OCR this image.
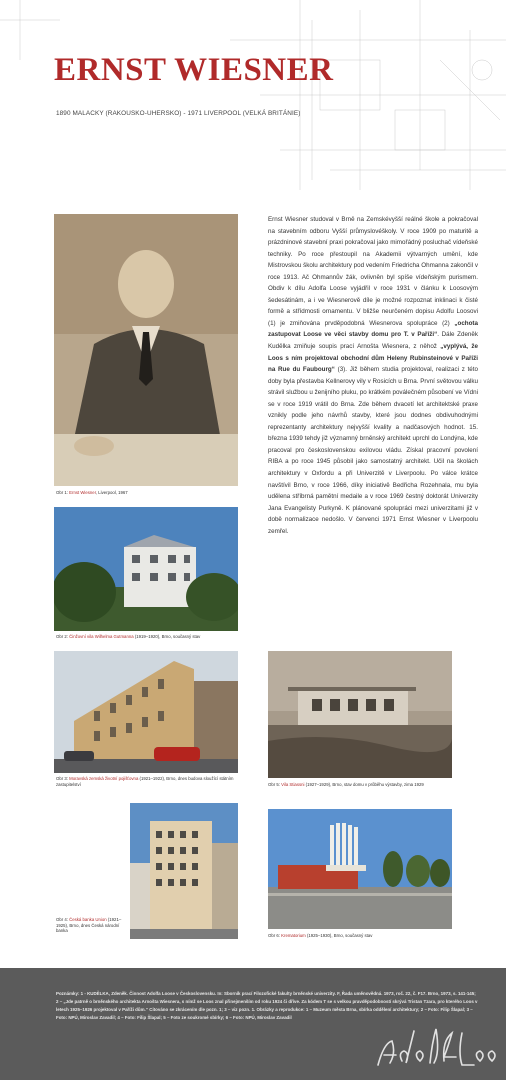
ERNST WIESNER
1890 MALACKY (RAKOUSKO-UHERSKO) - 1971 LIVERPOOL (VELKÁ BRITÁNIE)
Obr 1: Ernst Wiesner, Liverpool, 1967
Obr 2: Činžovní vila Wilhelma Gutmanna (1919–1920), Brno, současný stav
Obr 3: Moravská zemská životní pojišťovna (1921–1922), Brno, dnes budova sloužící státním zastupitelství
Obr 4: Česká banka Union (1921–1925), Brno, dnes Česká národní banka
Obr 5: Vila Stiassni (1927–1929), Brno, stav domu v průběhu výstavby, zima 1929
Obr 6: Krematorium (1925–1930), Brno, současný stav
Ernst Wiesner studoval v Brně na Zemskévyšší reálné škole a pokračoval na stavebním odboru Vyšší průmyslovéškoly. V roce 1909 po maturitě a prázdninové stavební praxi pokračoval jako mimořádný posluchač vídeňské techniky. Po roce přestoupil na Akademii výtvarných umění, kde Mistrovskou školu architektury pod vedením Friedricha Ohmanna zakončil v roce 1913. Ač Ohmannův žák, ovlivněn byl spíše vídeňským purismem. Obdiv k dílu Adolfa Loose vyjádřil v roce 1931 v článku k Loosovým šedesátinám, a i ve Wiesnerově díle je možné rozpoznat inklinaci k čisté formě a střídmosti ornamentu. V bližše neurčeném dopisu Adolfu Loosovi (1) je zmiňována prvděpodobná Wiesnerova spolupráce (2) „ochota zastupovat Loose ve věci stavby domu pro T. v Paříži“. Dále Zdeněk Kudělka zmiňuje soupis prací Arnošta Wiesnera, z něhož „vyplývá, že Loos s ním projektoval obchodní dům Heleny Rubinsteinové v Paříži na Rue du Faubourg“ (3). Již během studia projektoval, realizaci z této doby byla přestavba Kellnerovy vily v Rosicích u Brna. První světovou válku strávil službou u ženijního pluku, po krátkém poválečném působení ve Vídni se v roce 1919 vrátil do Brna. Zde během dvacetí let architektské praxe vznikly podle jeho návrhů stavby, které jsou dodnes obdivuhodnými reprezentanty architektury nejvyšší kvality a nadčasových hodnot. 15. března 1939 tehdy již významný brněnský architekt uprchl do Londýna, kde pracoval pro československou exilovou vládu. Získal pracovní povolení RIBA a po roce 1945 působil jako samostatný architekt. Učil na školách architektury v Oxfordu a při Univerzitě v Liverpoolu. Po válce krátce navštívil Brno, v roce 1966, díky iniciativě Bedřicha Rozehnala, mu byla udělena stříbrná pamětní medaile a v roce 1969 čestný doktorát Univerzity Jana Evangelisty Purkyně. K plánované spolupráci mezi univerzitami již v době normalizace nedošlo. V červenci 1971 Ernst Wiesner v Liverpoolu zemřel.
Poznámky: 1 - KUDĚLKA, Zdeněk. Činnost Adolfa Loose v Československu. In: Sborník prací Filozofické fakulty brněnské univerzity. F, Řada uměnovědná. 1973, roč. 22, č. F17. Brno, 1973, s. 141-145; 2 – „Jde patrně o brněnského architekta Arnošta Wiesnera, s nímž se Loos znal přinejmenším od roku 1924 či dříve. Za kódem T se s velkou pravděpodobností skrývá Tristan Tzara, pro kterého Loos v letech 1925–1926 projektoval v Paříži dům.“ Citováno se zkrácením dle pozn. 1; 3 – viz pozn. 1. Obrázky a reprodukce: 1 – Muzeum města Brna, sbírka oddělení architektury; 2 – Foto: Filip Šlapal; 3 – Foto: NPÚ, Miroslav Zavadil; 4 – Foto: Filip Šlapal; 5 – Foto ze soukromé sbírky; 6 – Foto: NPÚ, Miroslav Zavadil
